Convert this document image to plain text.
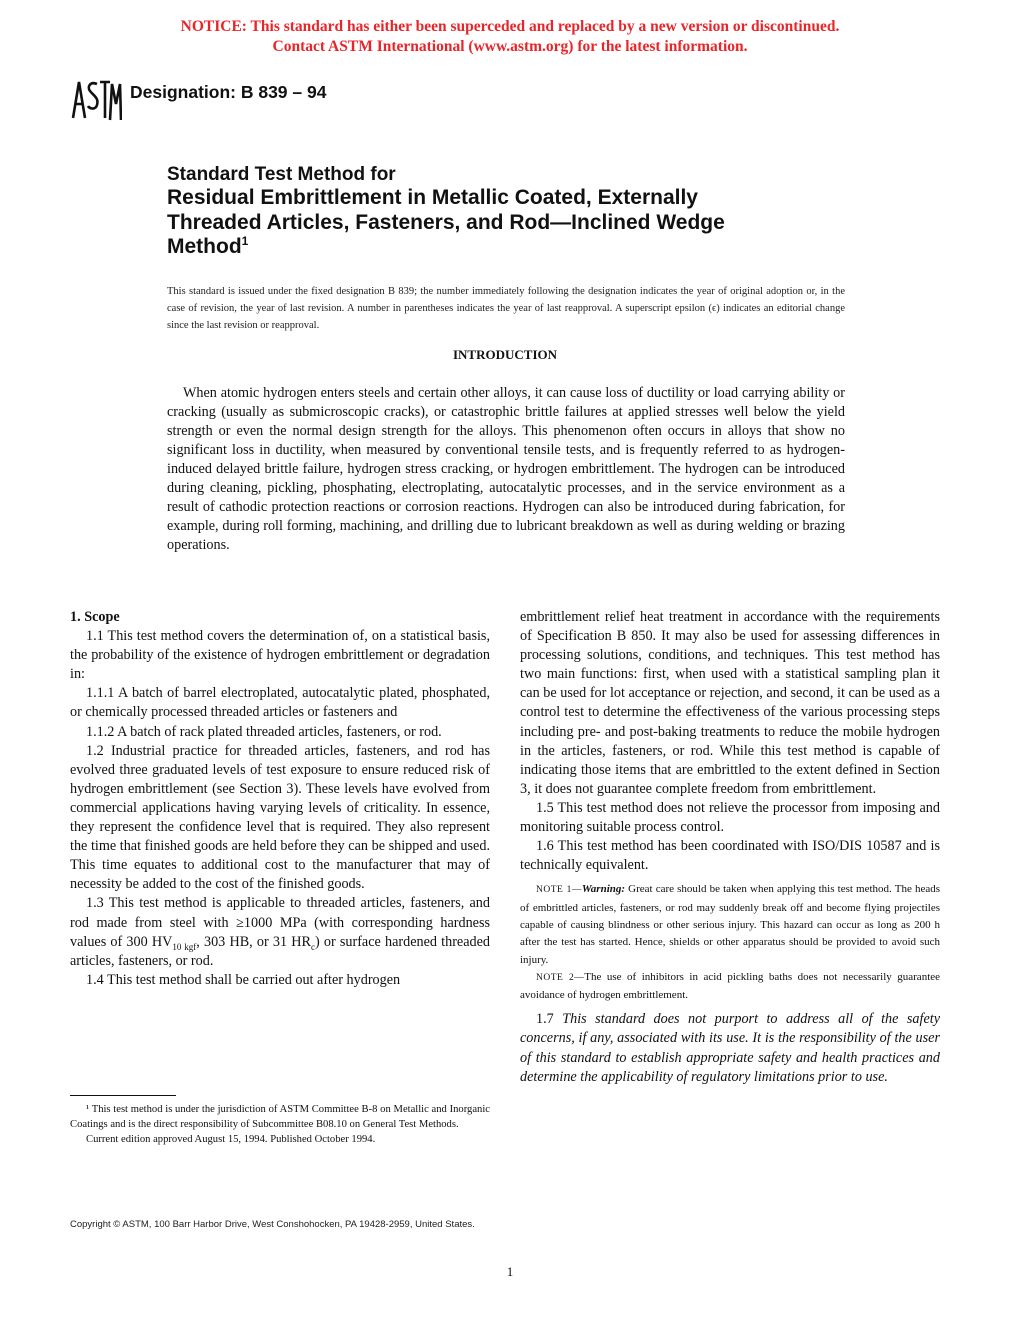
NOTICE: This standard has either been superceded and replaced by a new version or discontinued.
Contact ASTM International (www.astm.org) for the latest information.
Designation: B 839 – 94
Standard Test Method for
Residual Embrittlement in Metallic Coated, Externally
Threaded Articles, Fasteners, and Rod—Inclined Wedge
Method$^1$
This standard is issued under the fixed designation B 839; the number immediately following the designation indicates the year of original adoption or, in the case of revision, the year of last revision. A number in parentheses indicates the year of last reapproval. A superscript epsilon (ϵ) indicates an editorial change since the last revision or reapproval.
INTRODUCTION

When atomic hydrogen enters steels and certain other alloys, it can cause loss of ductility or load carrying ability or cracking (usually as submicroscopic cracks), or catastrophic brittle failures at applied stresses well below the yield strength or even the normal design strength for the alloys. This phenomenon often occurs in alloys that show no significant loss in ductility, when measured by conventional tensile tests, and is frequently referred to as hydrogen-induced delayed brittle failure, hydrogen stress cracking, or hydrogen embrittlement. The hydrogen can be introduced during cleaning, pickling, phosphating, electroplating, autocatalytic processes, and in the service environment as a result of cathodic protection reactions or corrosion reactions. Hydrogen can also be introduced during fabrication, for example, during roll forming, machining, and drilling due to lubricant breakdown as well as during welding or brazing operations.

1. Scope

1.1 This test method covers the determination of, on a statistical basis, the probability of the existence of hydrogen embrittlement or degradation in:

1.1.1 A batch of barrel electroplated, autocatalytic plated, phosphated, or chemically processed threaded articles or fasteners and

1.1.2 A batch of rack plated threaded articles, fasteners, or rod.

1.2 Industrial practice for threaded articles, fasteners, and rod has evolved three graduated levels of test exposure to ensure reduced risk of hydrogen embrittlement (see Section 3). These levels have evolved from commercial applications having varying levels of criticality. In essence, they represent the confidence level that is required. They also represent the time that finished goods are held before they can be shipped and used. This time equates to additional cost to the manufacturer that may of necessity be added to the cost of the finished goods.

1.3 This test method is applicable to threaded articles, fasteners, and rod made from steel with ≥1000 MPa (with corresponding hardness values of 300 $HV_{10 kgf}$, 303 HB, or 31 $HR_c$) or surface hardened threaded articles, fasteners, or rod.

1.4 This test method shall be carried out after hydrogen

embrittlement relief heat treatment in accordance with the requirements of Specification B 850. It may also be used for assessing differences in processing solutions, conditions, and techniques. This test method has two main functions: first, when used with a statistical sampling plan it can be used for lot acceptance or rejection, and second, it can be used as a control test to determine the effectiveness of the various processing steps including pre- and post-baking treatments to reduce the mobile hydrogen in the articles, fasteners, or rod. While this test method is capable of indicating those items that are embrittled to the extent defined in Section 3, it does not guarantee complete freedom from embrittlement.

1.5 This test method does not relieve the processor from imposing and monitoring suitable process control.

1.6 This test method has been coordinated with ISO/DIS 10587 and is technically equivalent.

NOTE 1—Warning: Great care should be taken when applying this test method. The heads of embrittled articles, fasteners, or rod may suddenly break off and become flying projectiles capable of causing blindness or other serious injury. This hazard can occur as long as 200 h after the test has started. Hence, shields or other apparatus should be provided to avoid such injury.

NOTE 2—The use of inhibitors in acid pickling baths does not necessarily guarantee avoidance of hydrogen embrittlement.

1.7 This standard does not purport to address all of the safety concerns, if any, associated with its use. It is the responsibility of the user of this standard to establish appropriate safety and health practices and determine the applicability of regulatory limitations prior to use.

¹ This test method is under the jurisdiction of ASTM Committee B-8 on Metallic and Inorganic Coatings and is the direct responsibility of Subcommittee B08.10 on General Test Methods.

Current edition approved August 15, 1994. Published October 1994.

Copyright © ASTM, 100 Barr Harbor Drive, West Conshohocken, PA 19428-2959, United States.
1
